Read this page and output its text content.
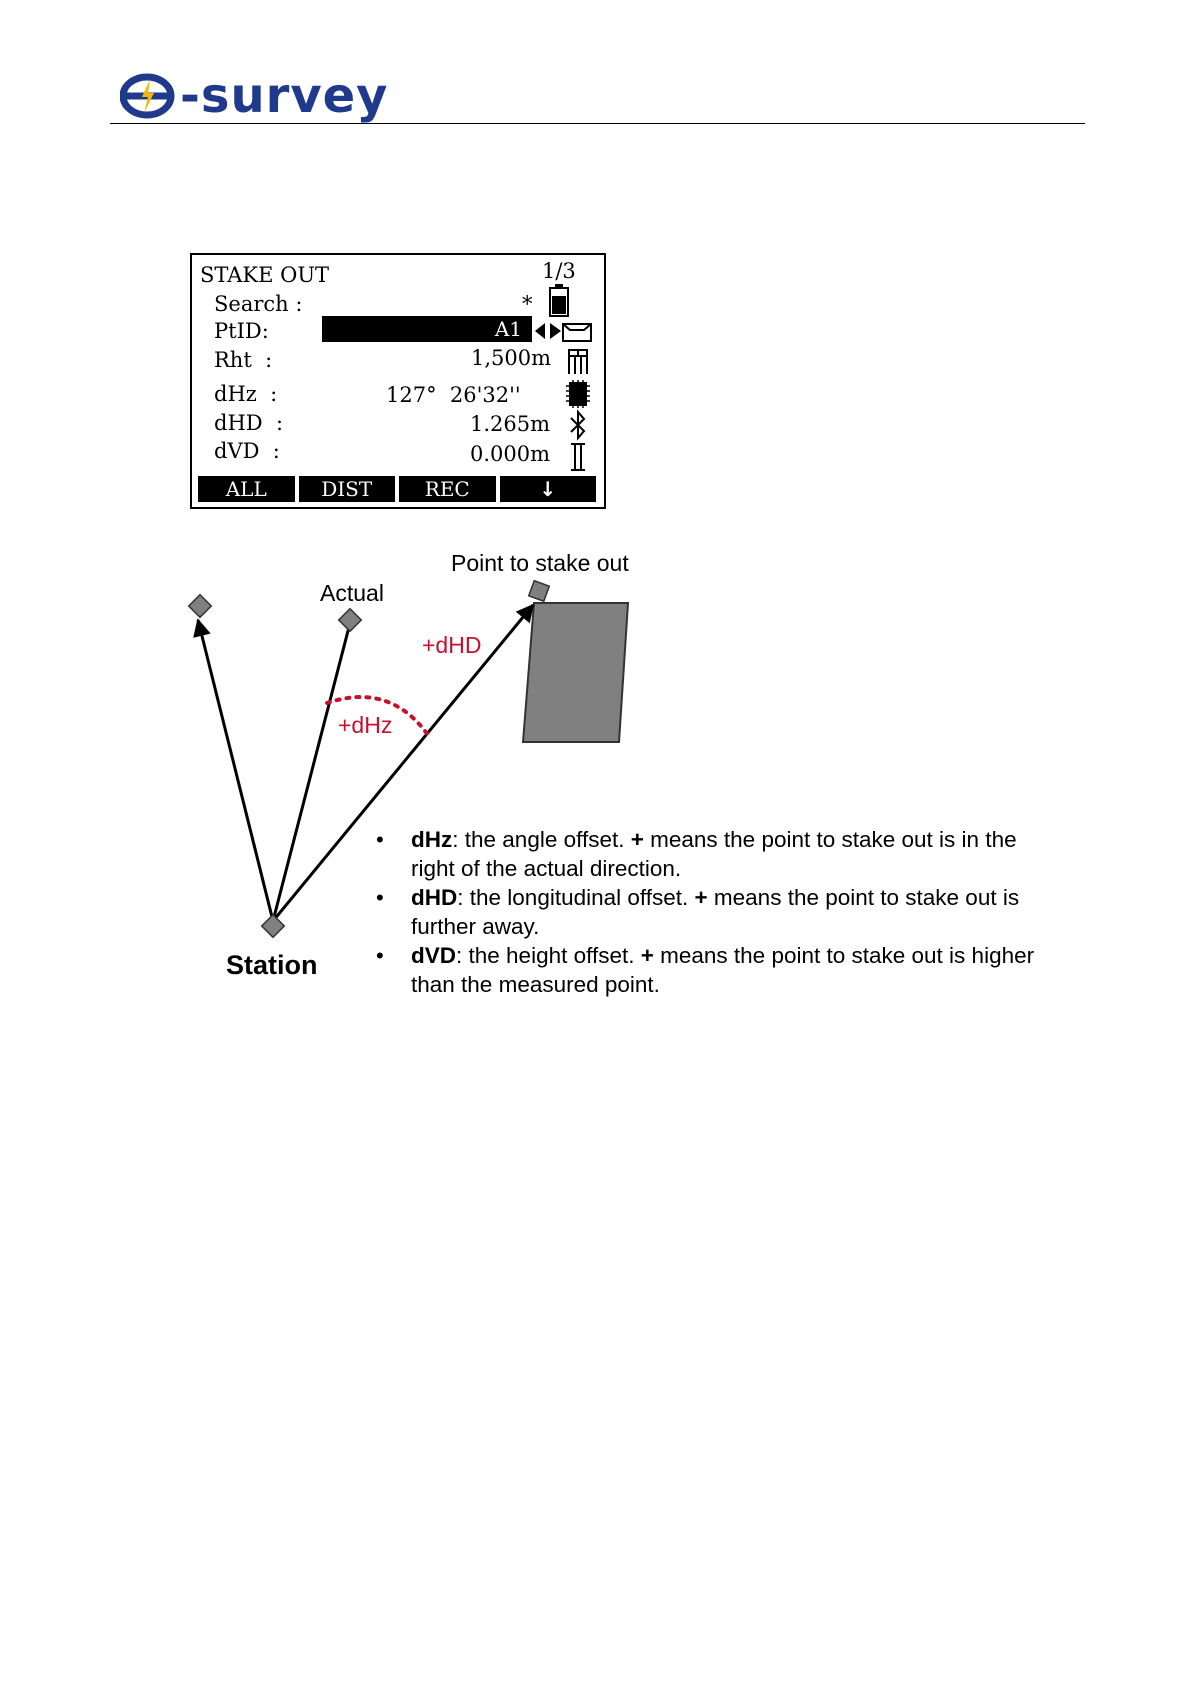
-survey
STAKE OUT	1/3
Search :	*
PtID:	A1
Rht  :	1,500m
dHz  :	127°  26'32''
dHD  :	1.265m
dVD  :	0.000m
ALL	DIST	REC	↓
Point to stake out
Actual
+dHD
+dHz
Station
• dHz: the angle offset. + means the point to stake out is in the right of the actual direction.
• dHD: the longitudinal offset. + means the point to stake out is further away.
• dVD: the height offset. + means the point to stake out is higher than the measured point.
